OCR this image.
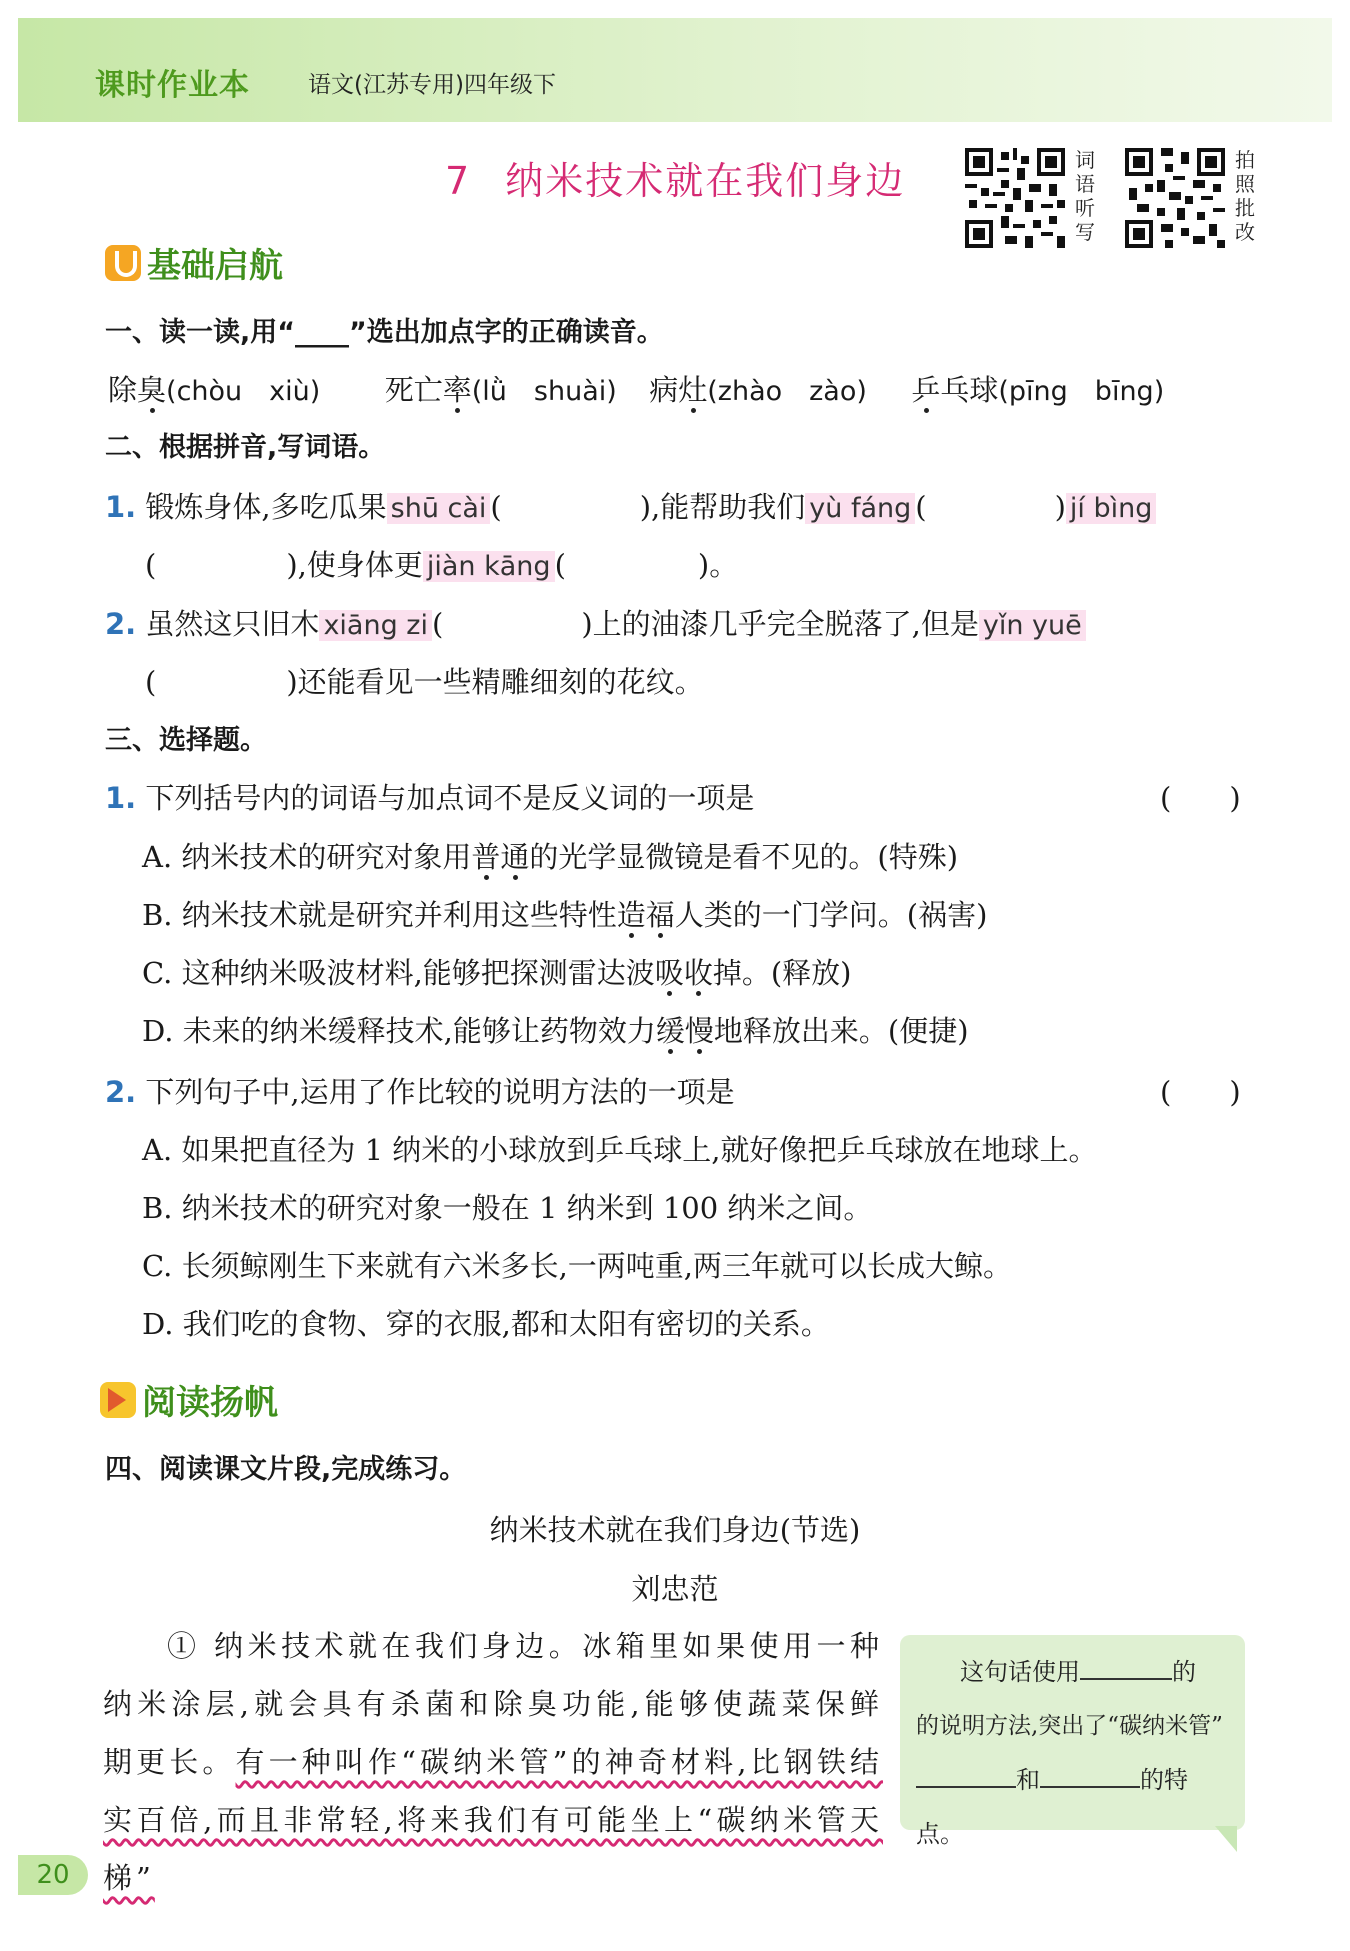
课时作业本	语文(江苏专用)四年级下
7 纳米技术就在我们身边	词语听写
拍照批改
基础启航
一、读一读,用“____”选出加点字的正确读音。
除臭(chòu　xiù) 死亡率(lǜ　shuài) 病灶(zhào　zào) 乒乓球(pīng　bīng)
二、根据拼音,写词语。
1. 锻炼身体,多吃瓜果 shū cài (	),能帮助我们 yù fáng (	) jí bìng
(	),使身体更 jiàn kāng (	)。
2. 虽然这只旧木 xiāng zi (	)上的油漆几乎完全脱落了,但是 yǐn yuē
(	)还能看见一些精雕细刻的花纹。
三、选择题。
1. 下列括号内的词语与加点词不是反义词的一项是	(　　)
A. 纳米技术的研究对象用普通的光学显微镜是看不见的。(特殊)
B. 纳米技术就是研究并利用这些特性造福人类的一门学问。(祸害)
C. 这种纳米吸波材料,能够把探测雷达波吸收掉。(释放)
D. 未来的纳米缓释技术,能够让药物效力缓慢地释放出来。(便捷)
2. 下列句子中,运用了作比较的说明方法的一项是	(　　)
A. 如果把直径为 1 纳米的小球放到乒乓球上,就好像把乒乓球放在地球上。
B. 纳米技术的研究对象一般在 1 纳米到 100 纳米之间。
C. 长须鲸刚生下来就有六米多长,一两吨重,两三年就可以长成大鲸。
D. 我们吃的食物、穿的衣服,都和太阳有密切的关系。
阅读扬帆
四、阅读课文片段,完成练习。
纳米技术就在我们身边(节选)
刘忠范
① 纳米技术就在我们身边。冰箱里如果使用一种纳米涂层,就会具有杀菌和除臭功能,能够使蔬菜保鲜期更长。有一种叫作“碳纳米管”的神奇材料,比钢铁结实百倍,而且非常轻,将来我们有可能坐上“碳纳米管天梯”
这句话使用	的
的说明方法,突出了“碳纳米管”
和	的特点。
20
